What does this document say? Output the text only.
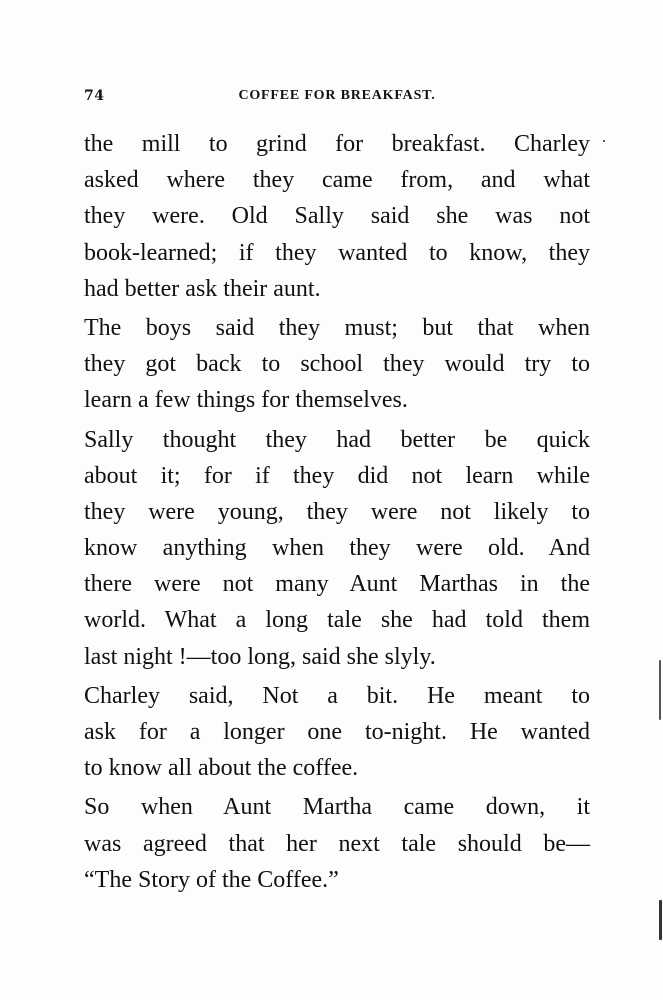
74	COFFEE FOR BREAKFAST.

the mill to grind for breakfast. Charley
asked where they came from, and what
they were. Old Sally said she was not
book-learned; if they wanted to know, they
had better ask their aunt.

The boys said they must; but that when
they got back to school they would try to
learn a few things for themselves.

Sally thought they had better be quick
about it; for if they did not learn while
they were young, they were not likely to
know anything when they were old. And
there were not many Aunt Marthas in the
world. What a long tale she had told them
last night !—too long, said she slyly.

Charley said, Not a bit. He meant to
ask for a longer one to-night. He wanted
to know all about the coffee.

So when Aunt Martha came down, it
was agreed that her next tale should be—
“The Story of the Coffee.”
